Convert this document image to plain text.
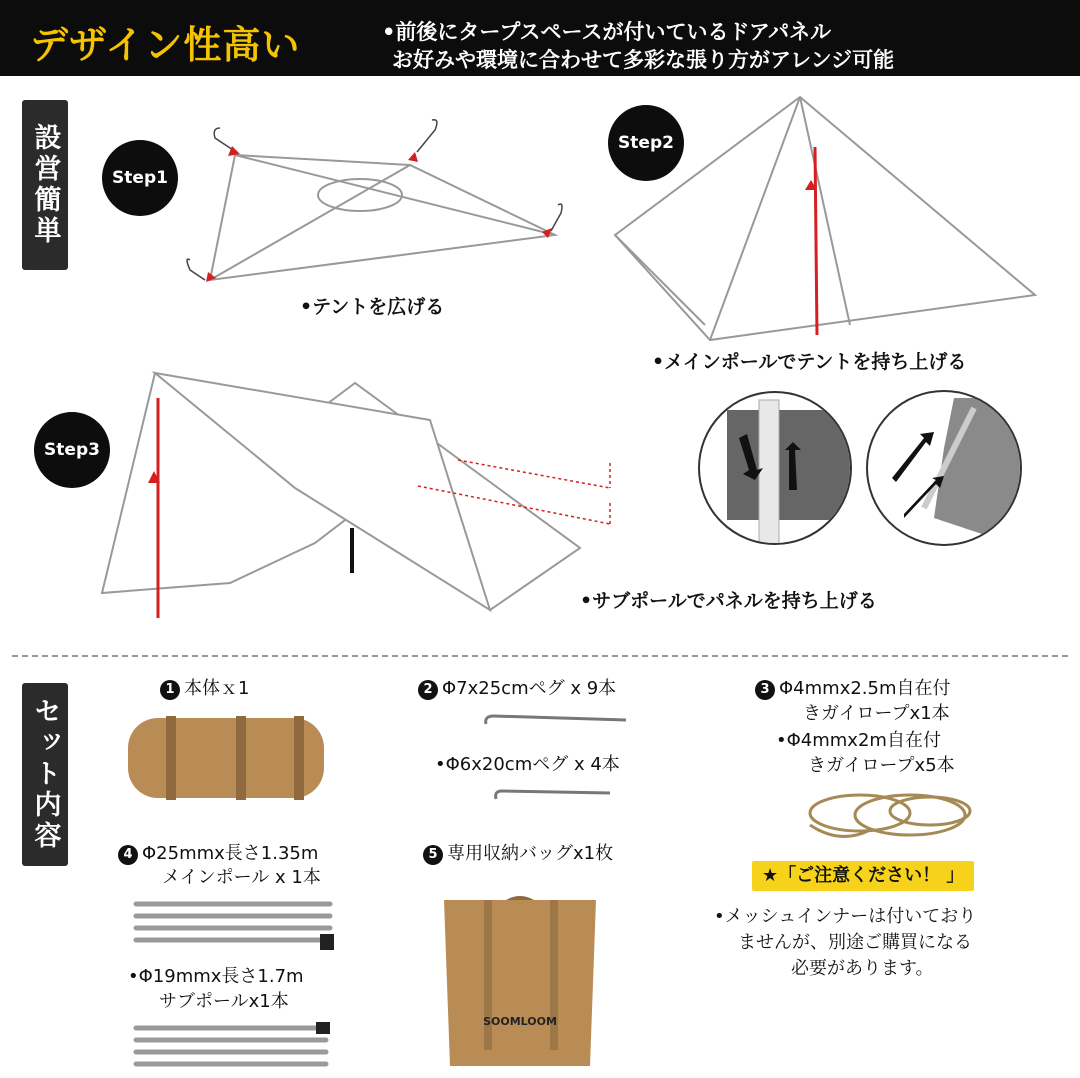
デザイン性高い	•前後にタープスペースが付いているドアパネル
お好みや環境に合わせて多彩な張り方がアレンジ可能
設営簡単	Step1
Step2
Step3
•テントを広げる
•メインポールでテントを持ち上げる
•サブポールでパネルを持ち上げる
セット内容
1 本体ｘ1	2 Φ7x25cmペグ x 9本
•Φ6x20cmペグ x 4本
3 Φ4mmx2.5m自在付
きガイロープx1本
•Φ4mmx2m自在付
きガイロープx5本
4 Φ25mmx長さ1.35m
メインポール x 1本
•Φ19mmx長さ1.7m
サブポールx1本
5 専用収納バッグx1枚
SOOMLOOM
★「ご注意ください！ 」
•メッシュインナーは付いており
ませんが、別途ご購買になる
必要があります。
